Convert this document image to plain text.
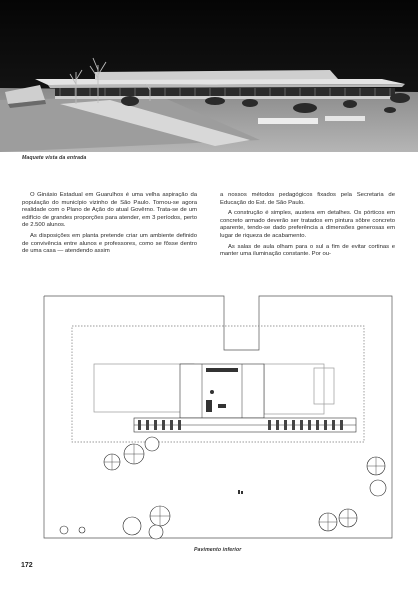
Maquete vista da entrada

O Ginásio Estadual em Guarulhos é uma velha aspiração da população do município vizinho de São Paulo. Tornou-se agora realidade com o Plano de Ação do atual Govêrno. Trata-se de um edifício de grandes proporções para atender, em 3 períodos, perto de 2.500 alunos.

As disposições em planta pretende criar um ambiente definido de convivência entre alunos e professores, como se fôsse dentro de uma casa — atendendo assim

a nossos métodos pedagógicos fixados pela Secretaria de Educação do Est. de São Paulo.

A construção é simples, austera em detalhes. Os pórticos em concreto armado deverão ser tratados em pintura sôbre concreto aparente, tendo-se dado preferência a dimensões generosas em lugar de riqueza de acabamento.

As salas de aula olham para o sul a fim de evitar cortinas e manter uma iluminação constante. Por ou-

Pavimento inferior
172
